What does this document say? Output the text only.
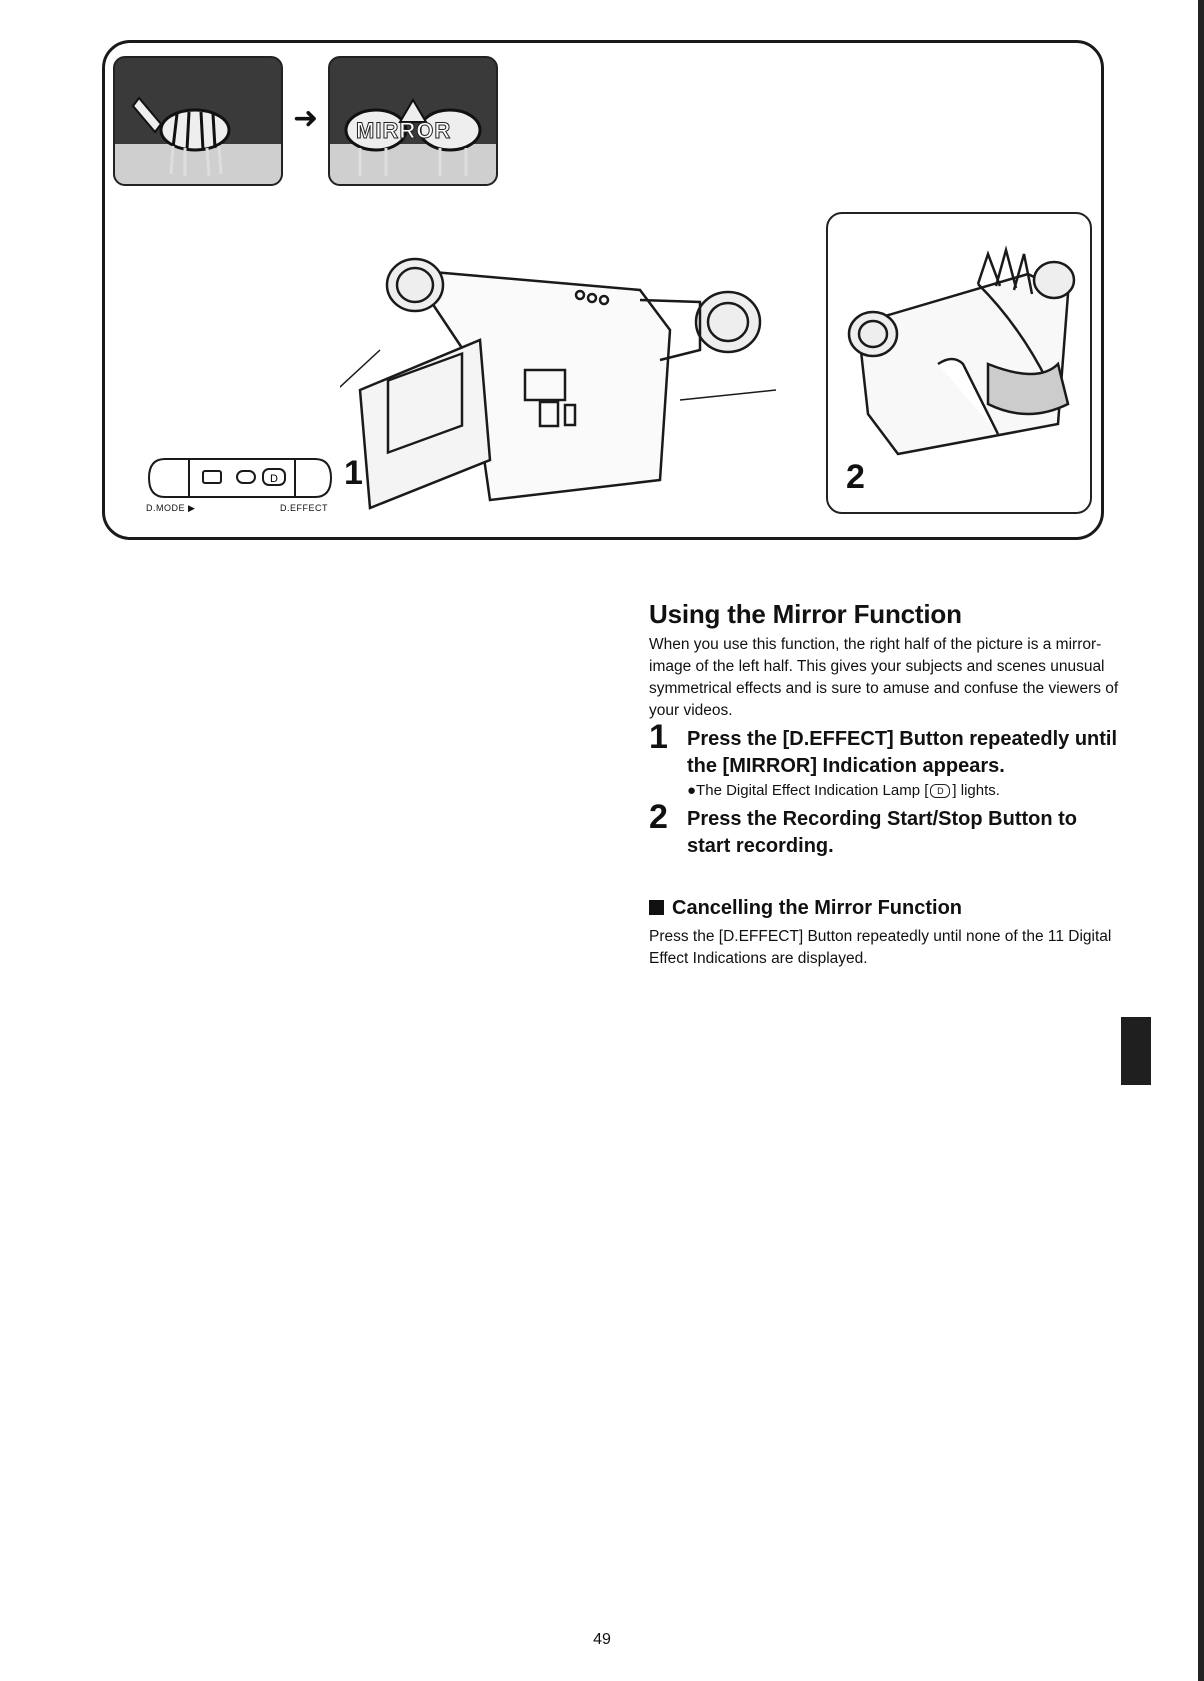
➜ MIRROR
1	2
D
D.MODE ▶	D.EFFECT
Using the Mirror Function

When you use this function, the right half of the picture is a mirror-image of the left half. This gives your subjects and scenes unusual symmetrical effects and is sure to amuse and confuse the viewers of your videos.

1 Press the [D.EFFECT] Button repeatedly until the [MIRROR] Indication appears.
●The Digital Effect Indication Lamp [ D ] lights.
2 Press the Recording Start/Stop Button to start recording.
Cancelling the Mirror Function

Press the [D.EFFECT] Button repeatedly until none of the 11 Digital Effect Indications are displayed.

49
